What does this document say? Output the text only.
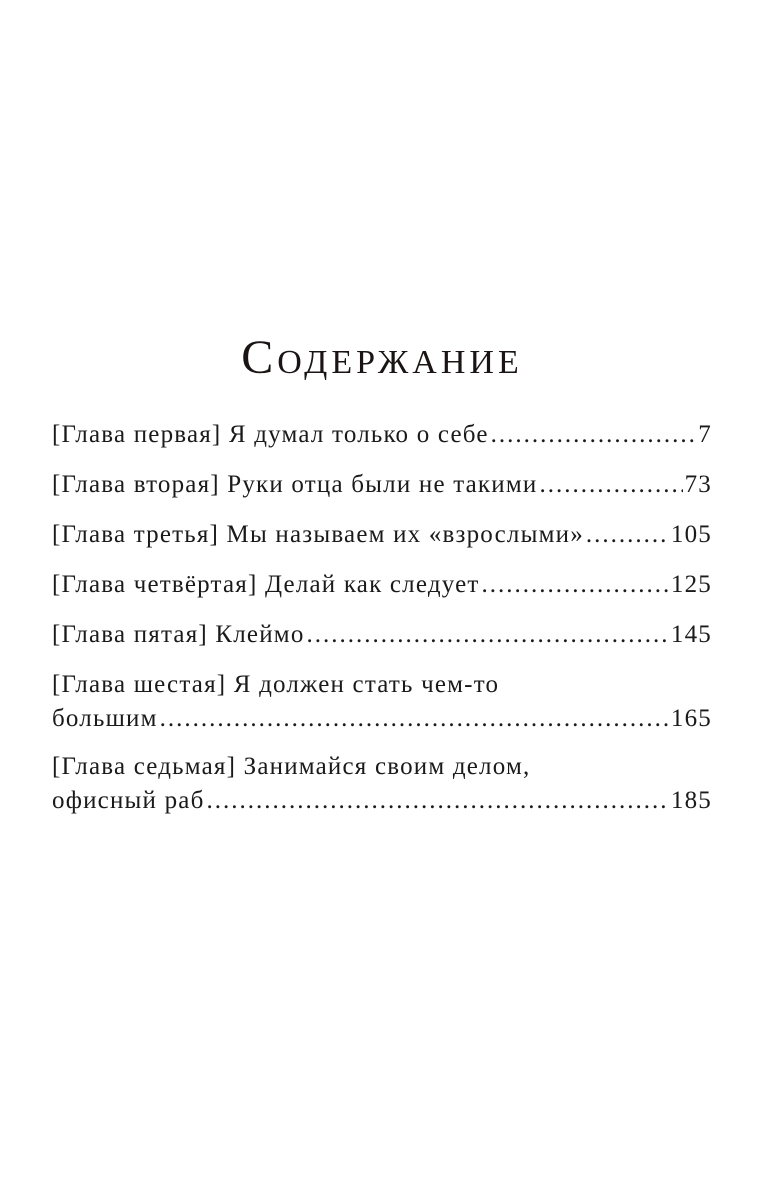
Содержание
[Глава первая] Я думал только о себе .....	7
[Глава вторая] Руки отца были не такими .....	73
[Глава третья] Мы называем их «взрослыми» .....	105
[Глава четвёртая] Делай как следует .....	125
[Глава пятая] Клеймо .....	145
[Глава шестая] Я должен стать чем-то
большим .....	165
[Глава седьмая] Занимайся своим делом,
офисный раб .....	185
